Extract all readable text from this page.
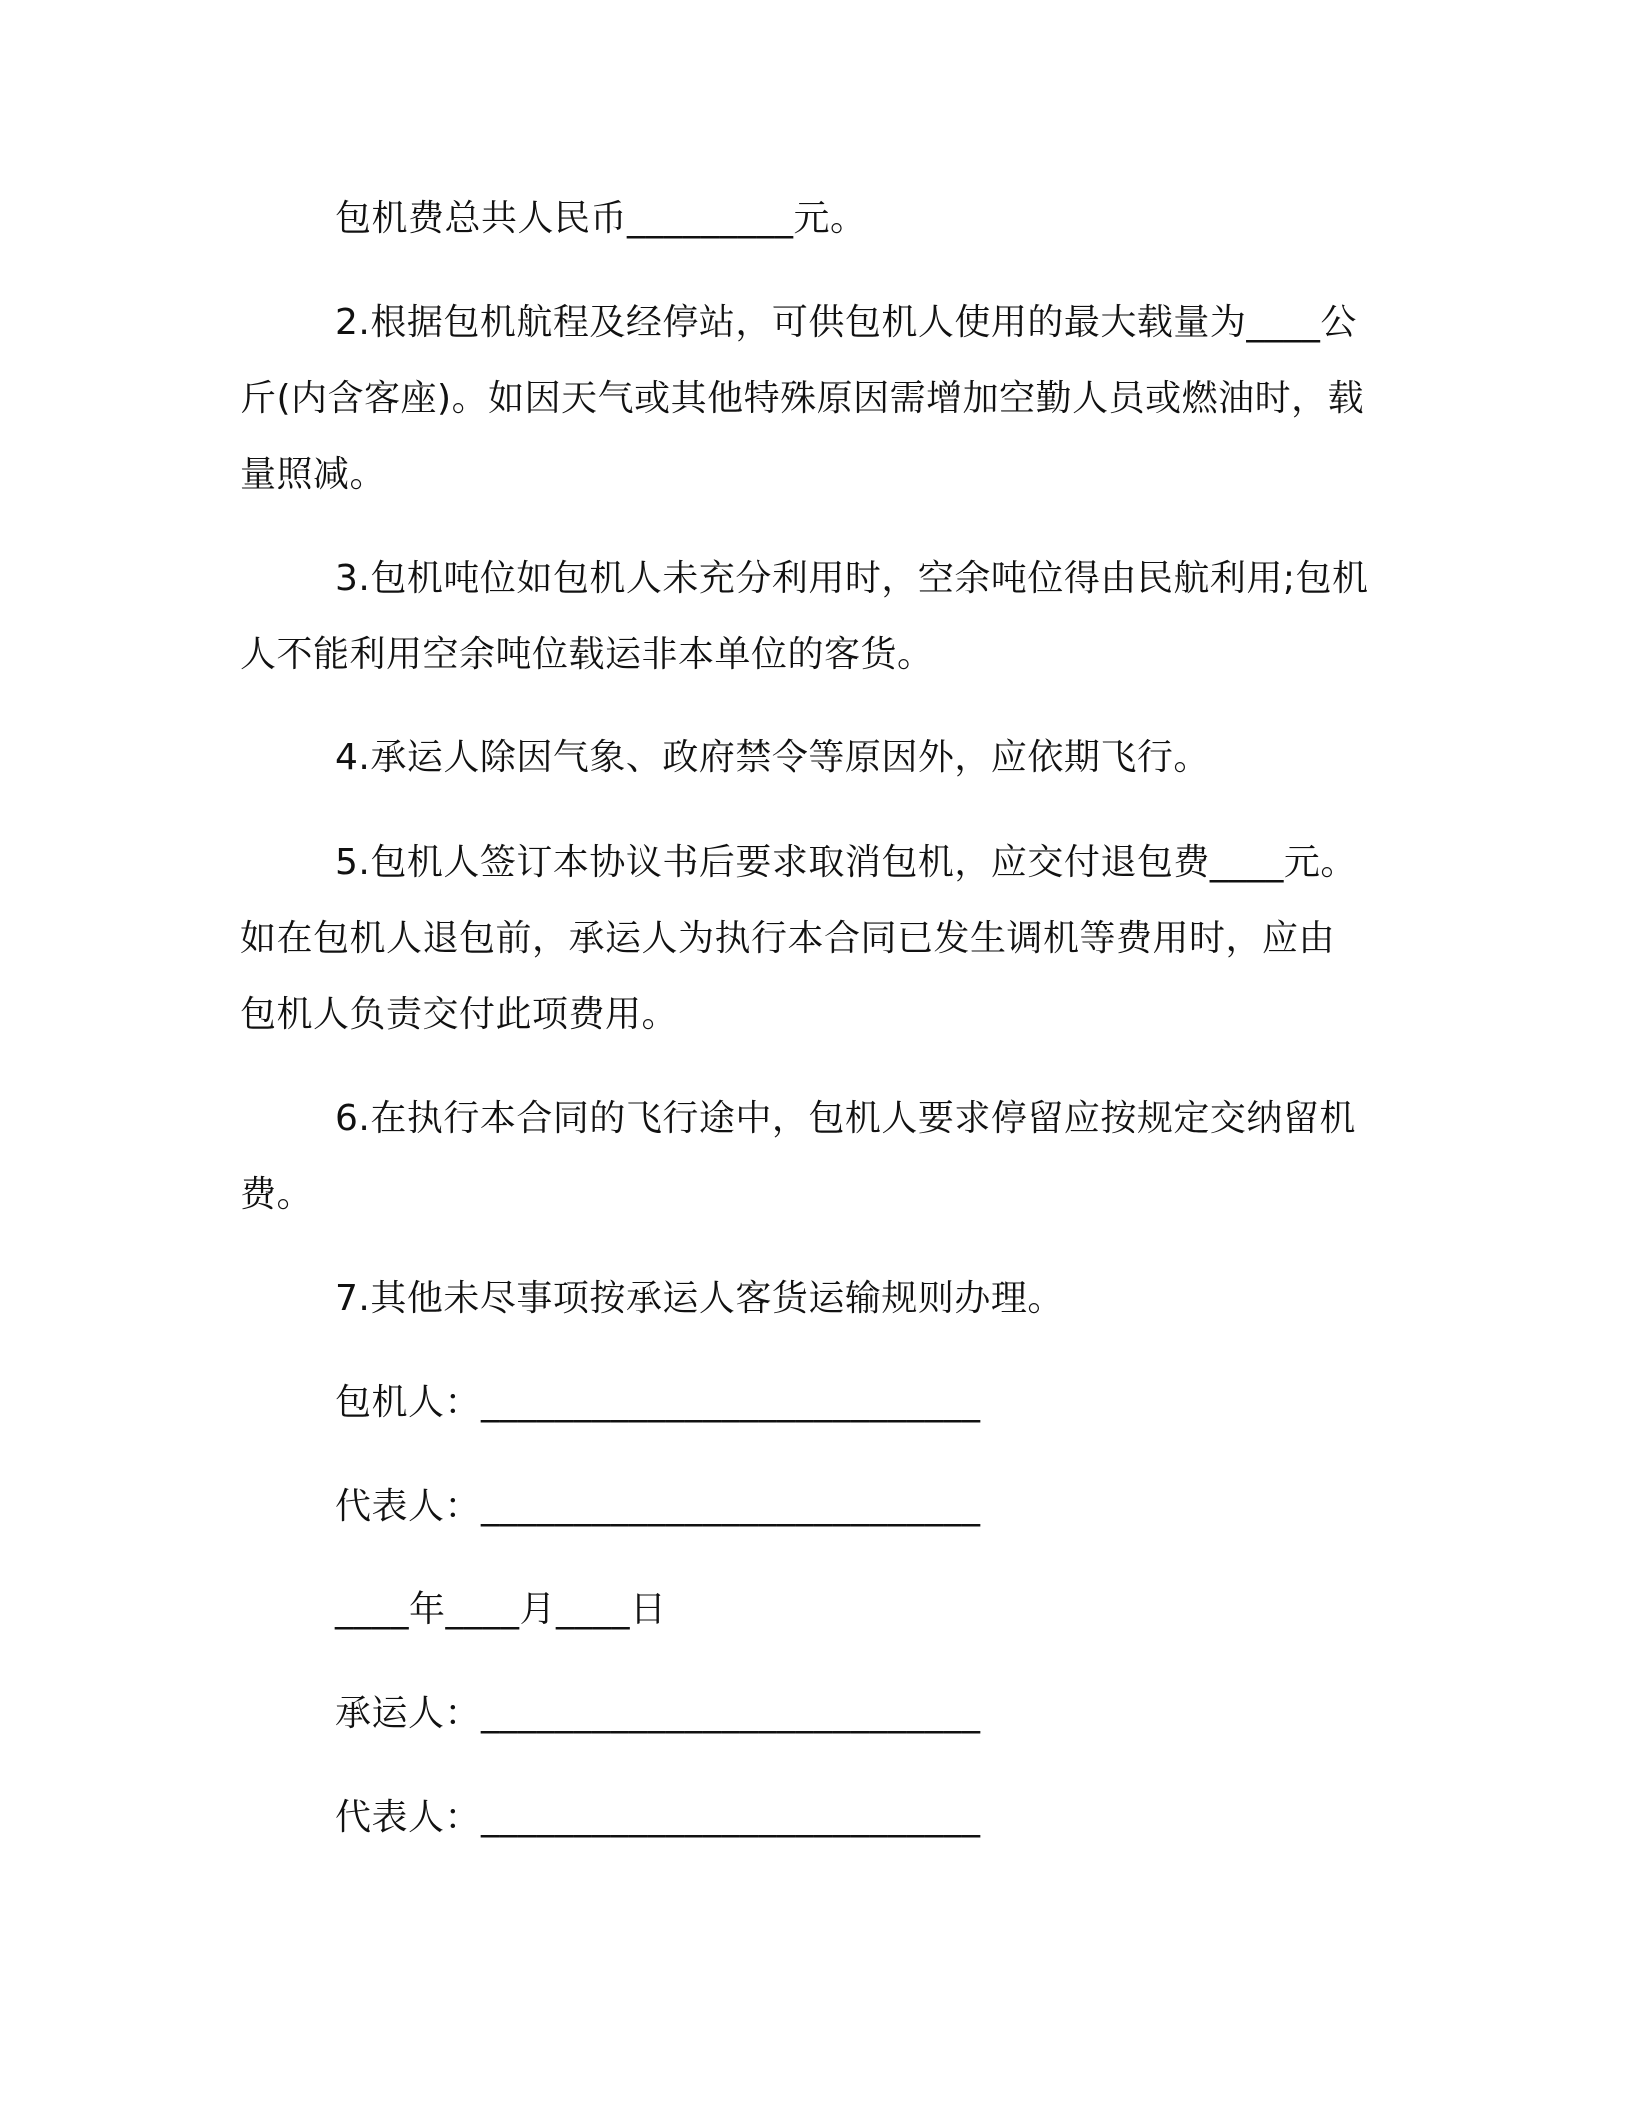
包机费总共人民币_________元。
2.根据包机航程及经停站，可供包机人使用的最大载量为____公
斤(内含客座)。如因天气或其他特殊原因需增加空勤人员或燃油时，载
量照减。
3.包机吨位如包机人未充分利用时，空余吨位得由民航利用;包机
人不能利用空余吨位载运非本单位的客货。
4.承运人除因气象、政府禁令等原因外，应依期飞行。
5.包机人签订本协议书后要求取消包机，应交付退包费____元。
如在包机人退包前，承运人为执行本合同已发生调机等费用时，应由
包机人负责交付此项费用。
6.在执行本合同的飞行途中，包机人要求停留应按规定交纳留机
费。
7.其他未尽事项按承运人客货运输规则办理。
包机人：___________________________
代表人：___________________________
____年____月____日
承运人：___________________________
代表人：___________________________
